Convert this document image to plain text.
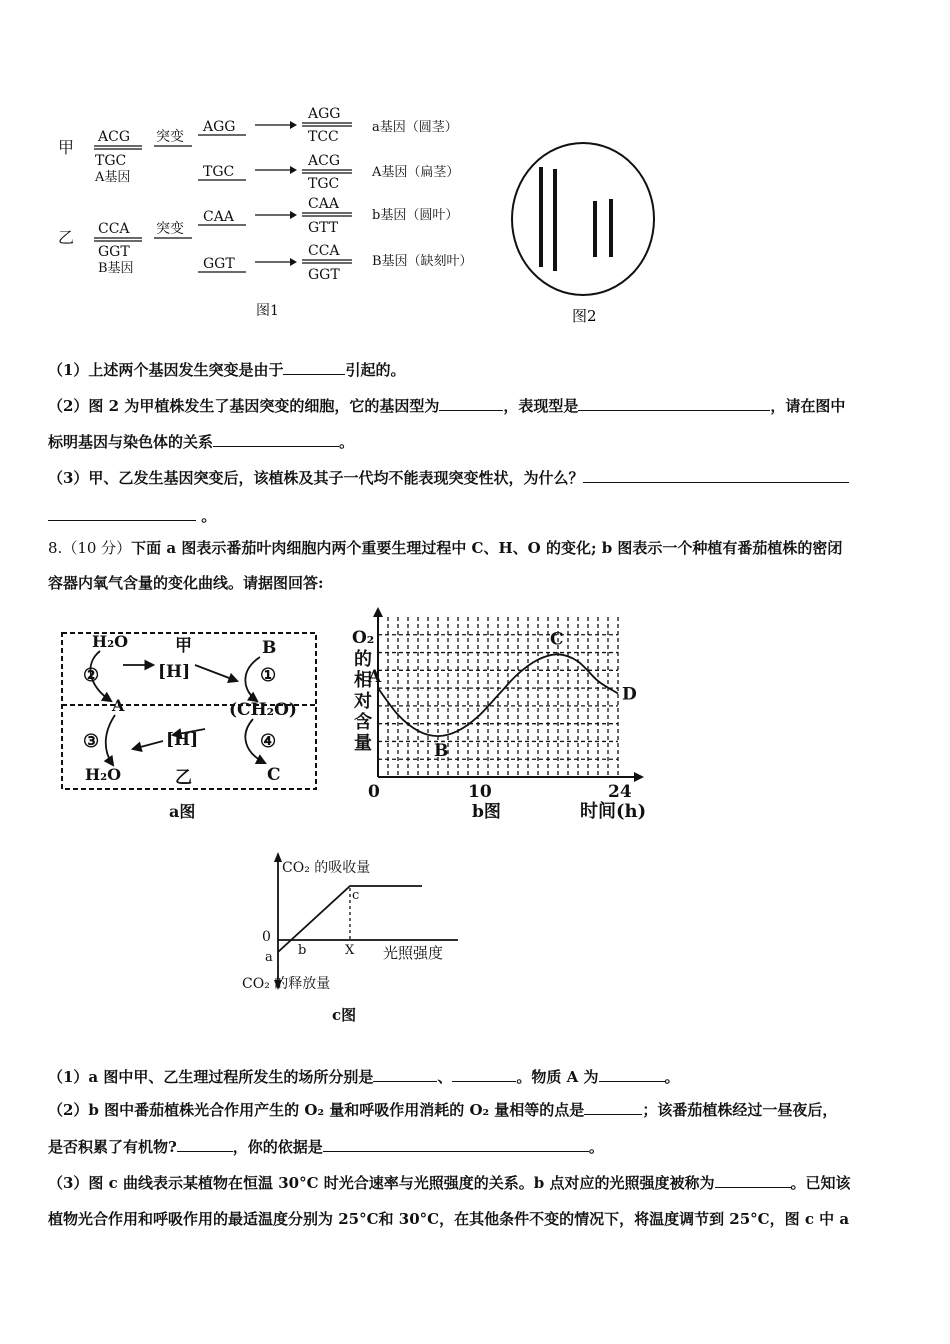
甲
ACG
TGC
A基因
突变
AGG
AGG
TCC
a基因（圆茎）
TGC
ACG
TGC
A基因（扁茎）
乙 CCA
GGT
B基因
突变
CAA
CAA
GTT
b基因（圆叶）
GGT
CCA
GGT
B基因（缺刻叶）
图1	图2
（1）上述两个基因发生突变是由于	引起的。
（2）图 2 为甲植株发生了基因突变的细胞，它的基因型为	，表现型是	，请在图中
标明基因与染色体的关系	。
（3）甲、乙发生基因突变后，该植株及其子一代均不能表现突变性状，为什么？
。
8.（10 分）下面 a 图表示番茄叶肉细胞内两个重要生理过程中 C、H、O 的变化; b 图表示一个种植有番茄植株的密闭
容器内氧气含量的变化曲线。请据图回答:
H₂O	甲	B
②	[H]	①
A	(CH₂O)
③	[H]	④
H₂O	乙	C
a图
O₂
的
相
对
含
量
时间(h)
b图
0	10	24
A
B
C
D
CO₂ 的吸收量
0
a b	X
c
光照强度
CO₂ 的释放量
c图
（1）a 图中甲、乙生理过程所发生的场所分别是	、	。物质 A 为	。
（2）b 图中番茄植株光合作用产生的 O₂ 量和呼吸作用消耗的 O₂ 量相等的点是	；该番茄植株经过一昼夜后，
是否积累了有机物?	，你的依据是	。
（3）图 c 曲线表示某植物在恒温 30°C 时光合速率与光照强度的关系。b 点对应的光照强度被称为	。已知该
植物光合作用和呼吸作用的最适温度分别为 25°C和 30°C，在其他条件不变的情况下，将温度调节到 25°C，图 c 中 a
